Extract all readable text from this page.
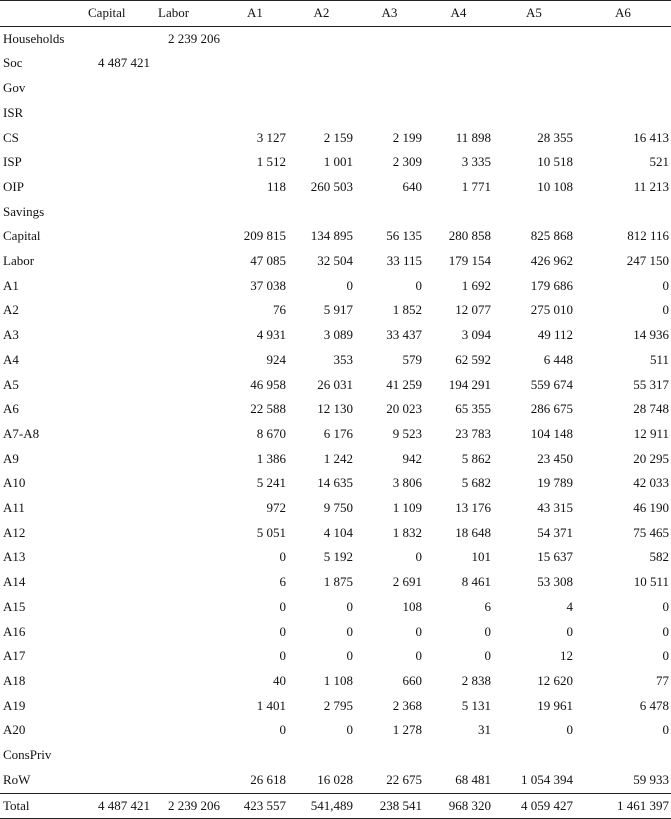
	Capital	Labor	A1	A2	A3	A4	A5	A6
Households		2 239 206						
Soc	4 487 421							
Gov								
ISR								
CS			3 127	2 159	2 199	11 898	28 355	16 413
ISP			1 512	1 001	2 309	3 335	10 518	521
OIP			118	260 503	640	1 771	10 108	11 213
Savings								
Capital			209 815	134 895	56 135	280 858	825 868	812 116
Labor			47 085	32 504	33 115	179 154	426 962	247 150
A1			37 038	0	0	1 692	179 686	0
A2			76	5 917	1 852	12 077	275 010	0
A3			4 931	3 089	33 437	3 094	49 112	14 936
A4			924	353	579	62 592	6 448	511
A5			46 958	26 031	41 259	194 291	559 674	55 317
A6			22 588	12 130	20 023	65 355	286 675	28 748
A7-A8			8 670	6 176	9 523	23 783	104 148	12 911
A9			1 386	1 242	942	5 862	23 450	20 295
A10			5 241	14 635	3 806	5 682	19 789	42 033
A11			972	9 750	1 109	13 176	43 315	46 190
A12			5 051	4 104	1 832	18 648	54 371	75 465
A13			0	5 192	0	101	15 637	582
A14			6	1 875	2 691	8 461	53 308	10 511
A15			0	0	108	6	4	0
A16			0	0	0	0	0	0
A17			0	0	0	0	12	0
A18			40	1 108	660	2 838	12 620	77
A19			1 401	2 795	2 368	5 131	19 961	6 478
A20			0	0	1 278	31	0	0
ConsPriv								
RoW			26 618	16 028	22 675	68 481	1 054 394	59 933
Total	4 487 421	2 239 206	423 557	541,489	238 541	968 320	4 059 427	1 461 397
